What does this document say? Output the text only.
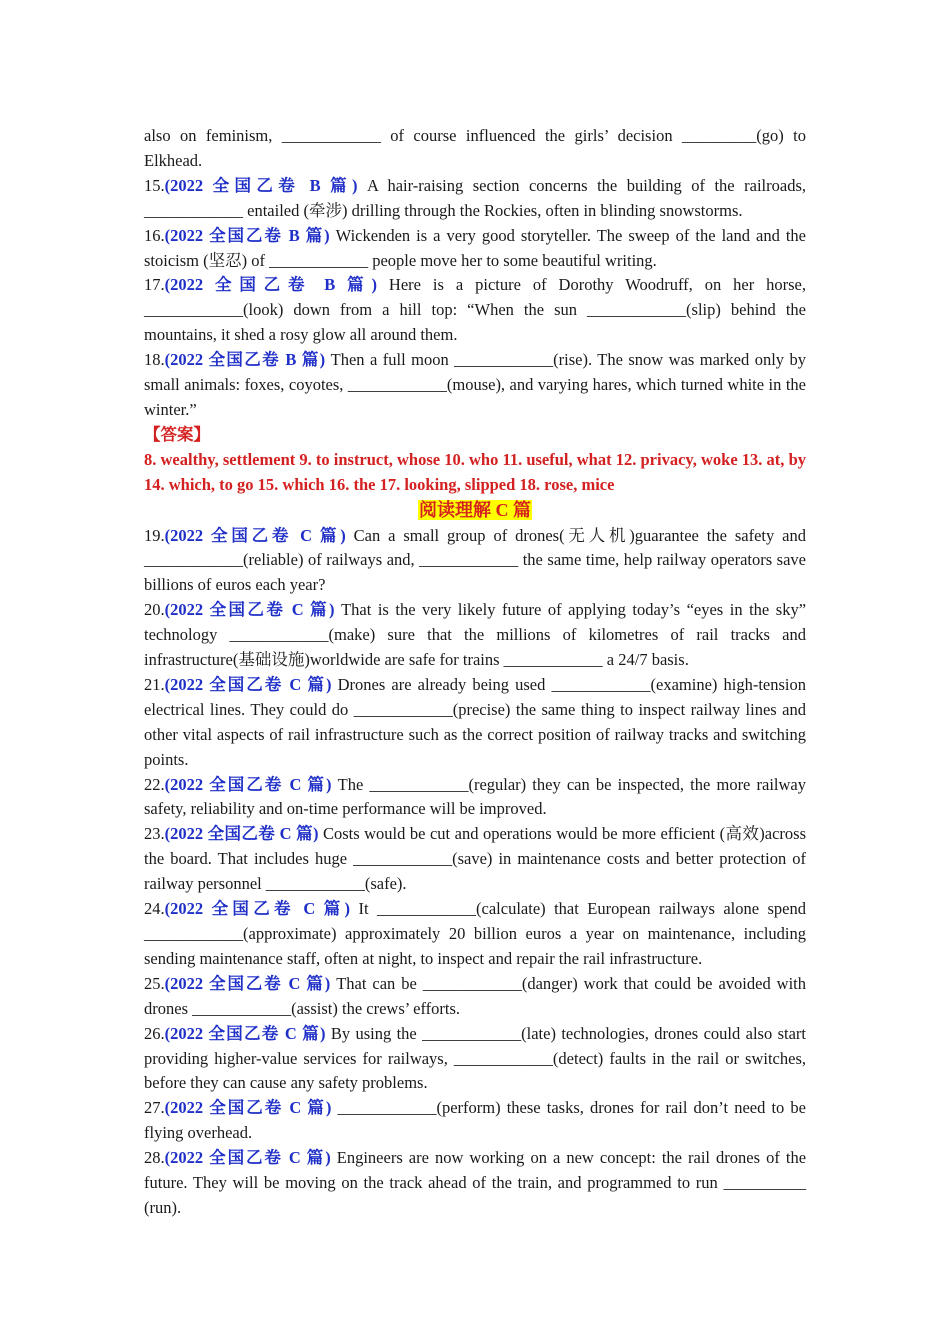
also on feminism, ____________ of course influenced the girls’ decision _________(go) to Elkhead.

15.(2022 全国乙卷 B 篇) A hair-raising section concerns the building of the railroads, ____________ entailed (牵涉) drilling through the Rockies, often in blinding snowstorms.

16.(2022 全国乙卷 B 篇) Wickenden is a very good storyteller. The sweep of the land and the stoicism (坚忍) of ____________ people move her to some beautiful writing.

17.(2022 全国乙卷 B 篇) Here is a picture of Dorothy Woodruff, on her horse, ____________(look) down from a hill top: “When the sun ____________(slip) behind the mountains, it shed a rosy glow all around them.

18.(2022 全国乙卷 B 篇) Then a full moon ____________(rise). The snow was marked only by small animals: foxes, coyotes, ____________(mouse), and varying hares, which turned white in the winter.”

【答案】

8. wealthy, settlement 9. to instruct, whose 10. who 11. useful, what 12. privacy, woke 13. at, by 14. which, to go 15. which 16. the 17. looking, slipped 18. rose, mice

阅读理解 C 篇

19.(2022 全国乙卷 C 篇) Can a small group of drones(无人机)guarantee the safety and ____________(reliable) of railways and, ____________ the same time, help railway operators save billions of euros each year?

20.(2022 全国乙卷 C 篇) That is the very likely future of applying today’s “eyes in the sky” technology ____________(make) sure that the millions of kilometres of rail tracks and infrastructure(基础设施)worldwide are safe for trains ____________ a 24/7 basis.

21.(2022 全国乙卷 C 篇) Drones are already being used ____________(examine) high-tension electrical lines. They could do ____________(precise) the same thing to inspect railway lines and other vital aspects of rail infrastructure such as the correct position of railway tracks and switching points.

22.(2022 全国乙卷 C 篇) The ____________(regular) they can be inspected, the more railway safety, reliability and on-time performance will be improved.

23.(2022 全国乙卷 C 篇) Costs would be cut and operations would be more efficient (高效)across the board. That includes huge ____________(save) in maintenance costs and better protection of railway personnel ____________(safe).

24.(2022 全国乙卷 C 篇) It ____________(calculate) that European railways alone spend ____________(approximate) approximately 20 billion euros a year on maintenance, including sending maintenance staff, often at night, to inspect and repair the rail infrastructure.

25.(2022 全国乙卷 C 篇) That can be ____________(danger) work that could be avoided with drones ____________(assist) the crews’ efforts.

26.(2022 全国乙卷 C 篇) By using the ____________(late) technologies, drones could also start providing higher-value services for railways, ____________(detect) faults in the rail or switches, before they can cause any safety problems.

27.(2022 全国乙卷 C 篇) ____________(perform) these tasks, drones for rail don’t need to be flying overhead.

28.(2022 全国乙卷 C 篇) Engineers are now working on a new concept: the rail drones of the future. They will be moving on the track ahead of the train, and programmed to run __________ (run).
